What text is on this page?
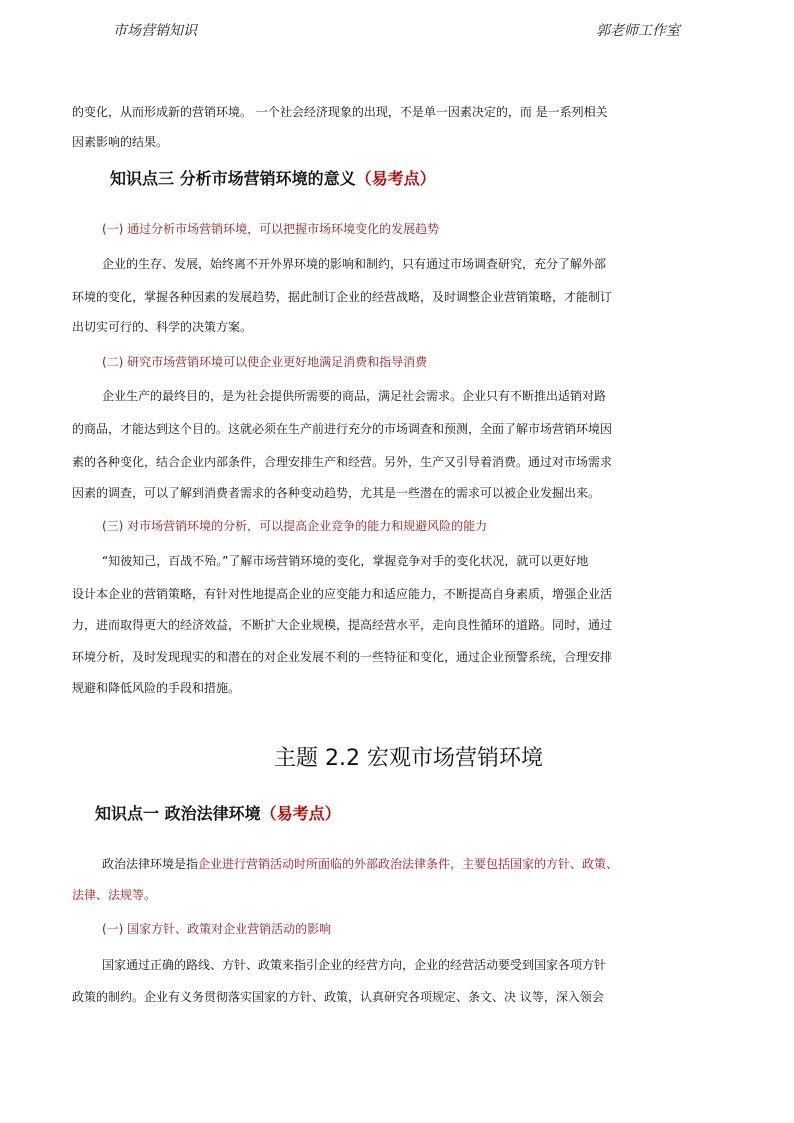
市场营销知识	郭老师工作室
的变化，从而形成新的营销环境。 一个社会经济现象的出现，不是单一因素决定的，而 是一系列相关
因素影响的结果。
知识点三 分析市场营销环境的意义（易考点）
(一) 通过分析市场营销环境，可以把握市场环境变化的发展趋势
企业的生存、发展，始终离不开外界环境的影响和制约，只有通过市场调查研究，充分了解外部
环境的变化，掌握各种因素的发展趋势，据此制订企业的经营战略，及时调整企业营销策略，才能制订
出切实可行的、科学的决策方案。
(二) 研究市场营销环境可以使企业更好地满足消费和指导消费
企业生产的最终目的，是为社会提供所需要的商品，满足社会需求。企业只有不断推出适销对路
的商品，才能达到这个目的。这就必须在生产前进行充分的市场调查和预测，全面了解市场营销环境因
素的各种变化，结合企业内部条件，合理安排生产和经营。另外，生产又引导着消费。通过对市场需求
因素的调查，可以了解到消费者需求的各种变动趋势，尤其是一些潜在的需求可以被企业发掘出来。
(三) 对市场营销环境的分析，可以提高企业竞争的能力和规避风险的能力
“知彼知己，百战不殆。”了解市场营销环境的变化，掌握竞争对手的变化状况，就可以更好地
设计本企业的营销策略，有针对性地提高企业的应变能力和适应能力，不断提高自身素质，增强企业活
力，进而取得更大的经济效益，不断扩大企业规模，提高经营水平，走向良性循环的道路。同时，通过
环境分析，及时发现现实的和潜在的对企业发展不利的一些特征和变化，通过企业预警系统，合理安排
规避和降低风险的手段和措施。
主题 2.2 宏观市场营销环境
知识点一 政治法律环境（易考点）
政治法律环境是指企业进行营销活动时所面临的外部政治法律条件，主要包括国家的方针、政策、
法律、法规等。
(一) 国家方针、政策对企业营销活动的影响
国家通过正确的路线、方针、政策来指引企业的经营方向，企业的经营活动要受到国家各项方针
政策的制约。企业有义务贯彻落实国家的方针、政策，认真研究各项规定、条文、决 议等，深入领会
